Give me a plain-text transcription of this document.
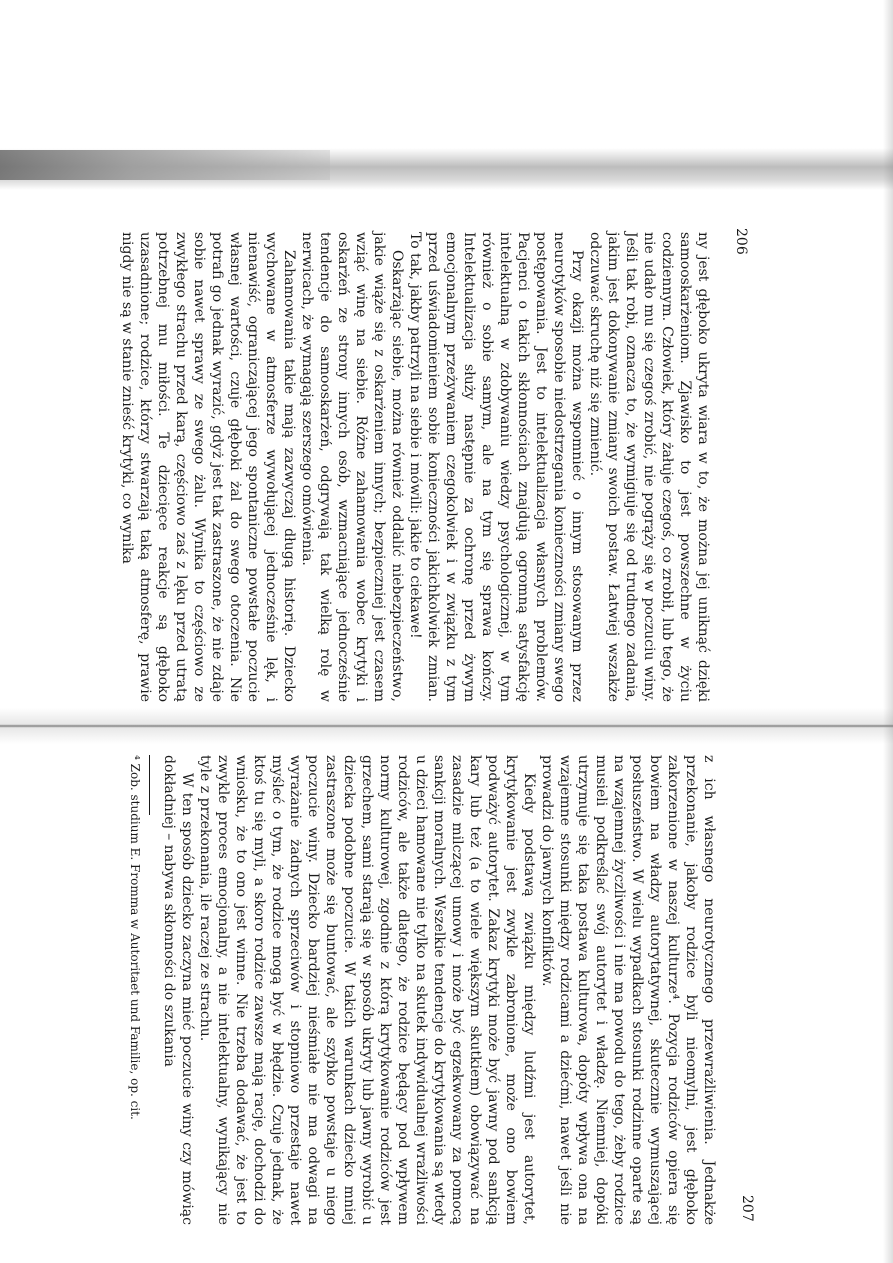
206

ny jest głęboko ukryta wiara w to, że można jej uniknąć dzięki samooskarżeniom. Zjawisko to jest powszechne w życiu codziennym. Człowiek, który żałuje czegoś, co zrobił, lub tego, że nie udało mu się czegoś zrobić, nie pogrąży się w poczuciu winy. Jeśli tak robi, oznacza to, że wymigiuje się od trudnego zadania, jakim jest dokonywanie zmiany swoich postaw. Łatwiej wszakże odczuwać skruchę niż się zmienić.

Przy okazji można wspomnieć o innym stosowanym przez neurotyków sposobie niedostrzegania konieczności zmiany swego postępowania. Jest to intelektualizacja własnych problemów. Pacjenci o takich skłonnościach znajdują ogromną satysfakcję intelektualną w zdobywaniu wiedzy psychologicznej, w tym również o sobie samym, ale na tym się sprawa kończy. Intelektualizacja służy następnie za ochronę przed żywym emocjonalnym przeżywaniem czegokolwiek i w związku z tym przed uświadomieniem sobie konieczności jakichkolwiek zmian. To tak, jakby patrzyli na siebie i mówili: jakie to ciekawe!

Oskarżając siebie, można również oddalić niebezpieczeństwo, jakie wiąże się z oskarżeniem innych; bezpieczniej jest czasem wziąć winę na siebie. Różne zahamowania wobec krytyki i oskarżeń ze strony innych osób, wzmacniające jednocześnie tendencje do samooskarżeń, odgrywają tak wielką rolę w nerwicach, że wymagają szerszego omówienia.

Zahamowania takie mają zazwyczaj długą historię. Dziecko wychowane w atmosferze wywołującej jednocześnie lęk, i nienawiść, ograniczającej jego spontaniczne powstałe poczucie własnej wartości, czuje głęboki żal do swego otoczenia. Nie potrafi go jednak wyrazić, gdyż jest tak zastraszone, że nie zdaje sobie nawet sprawy ze swego żalu. Wynika to częściowo ze zwykłego strachu przed karą, częściowo zaś z lęku przed utratą potrzebnej mu miłości. Te dziecięce reakcje są głęboko uzasadnione; rodzice, którzy stwarzają taką atmosferę, prawie nigdy nie są w stanie znieść krytyki, co wynika

207

z ich własnego neurotycznego przewrażliwienia. Jednakże przekonanie, jakoby rodzice byli nieomylni, jest głęboko zakorzenione w naszej kulturze⁴. Pozycja rodziców opiera się bowiem na władzy autorytatywnej, skutecznie wymuszającej posłuszeństwo. W wielu wypadkach stosunki rodzinne oparte są na wzajemnej życzliwości i nie ma powodu do tego, żeby rodzice musieli podkreślać swój autorytet i władzę. Niemniej, dopóki utrzymuje się taka postawa kulturowa, dopóty wpływa ona na wzajemne stosunki między rodzicami a dziećmi, nawet jeśli nie prowadzi do jawnych konfliktów.

Kiedy podstawą związku między ludźmi jest autorytet, krytykowanie jest zwykle zabronione, może ono bowiem podważyć autorytet. Zakaz krytyki może być jawny pod sankcją kary lub też (a to wiele większym skutkiem) obowiązywać na zasadzie milczącej umowy i może być egzekwowany za pomocą sankcji moralnych. Wszelkie tendencje do krytykowania są wtedy u dzieci hamowane nie tylko na skutek indywidualnej wrażliwości rodziców, ale także dlatego, że rodzice będący pod wpływem normy kulturowej, zgodnie z którą krytykowanie rodziców jest grzechem, sami starają się w sposób ukryty lub jawny wyrobić u dziecka podobne poczucie. W takich warunkach dziecko mniej zastraszone może się buntować, ale szybko powstaje u niego poczucie winy. Dziecko bardziej nieśmiałe nie ma odwagi na wyrażanie żadnych sprzeciwów i stopniowo przestaje nawet myśleć o tym, że rodzice mogą być w błędzie. Czuje jednak, że ktoś tu się myli, a skoro rodzice zawsze mają rację, dochodzi do wniosku, że to ono jest winne. Nie trzeba dodawać, że jest to zwykle proces emocjonalny, a nie intelektualny, wynikający nie tyle z przekonania, ile raczej ze strachu.

W ten sposób dziecko zaczyna mieć poczucie winy czy mówiąc dokładniej – nabywa skłonności do szukania

⁴ Zob. studium E. Fromma w Autoritaet und Familie, op. cit.
